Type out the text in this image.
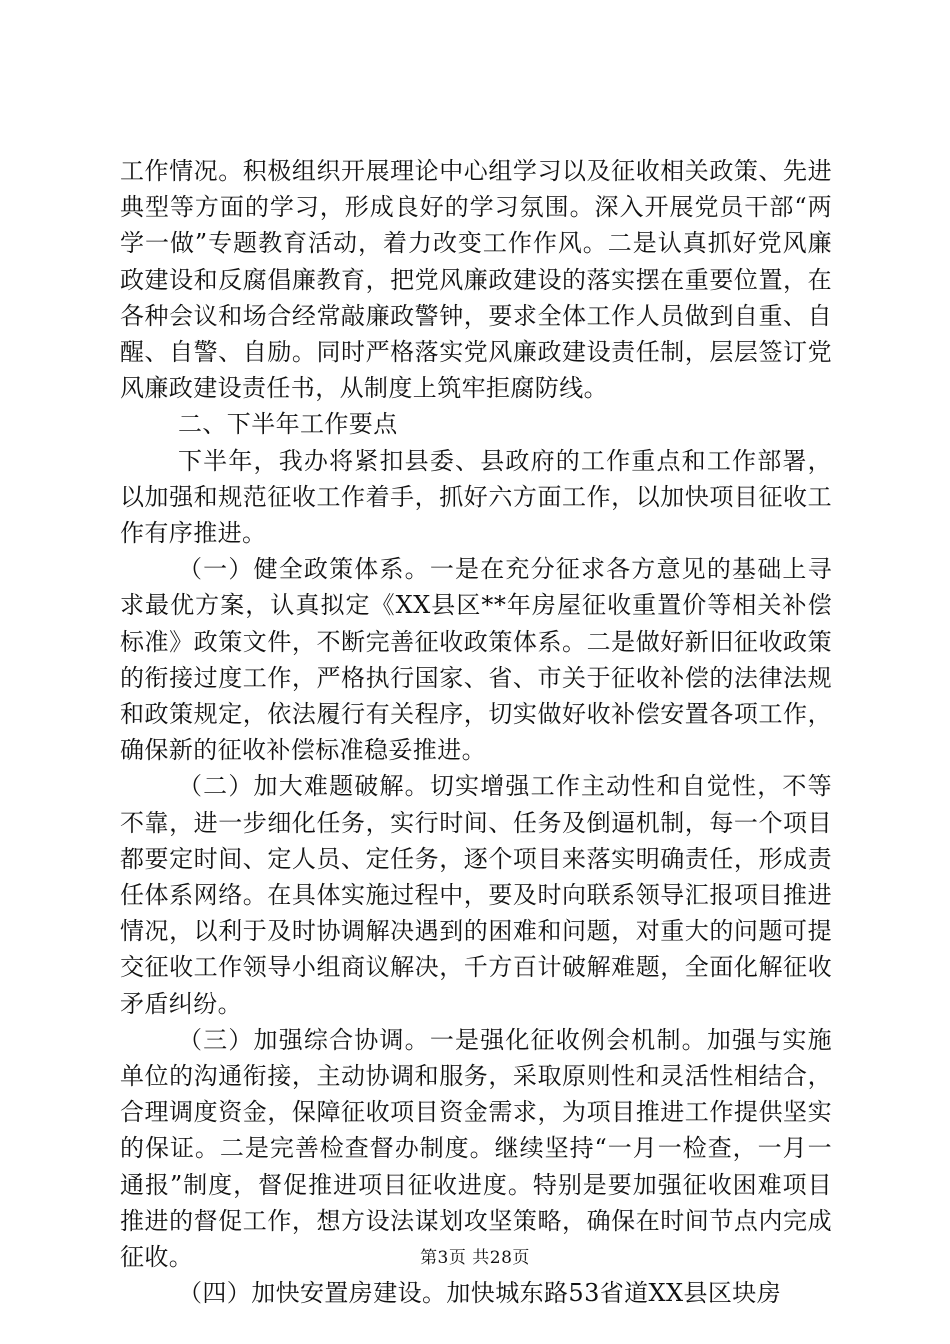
工作情况。积极组织开展理论中心组学习以及征收相关政策、先进典型等方面的学习，形成良好的学习氛围。深入开展党员干部“两学一做”专题教育活动，着力改变工作作风。二是认真抓好党风廉政建设和反腐倡廉教育，把党风廉政建设的落实摆在重要位置，在各种会议和场合经常敲廉政警钟，要求全体工作人员做到自重、自醒、自警、自励。同时严格落实党风廉政建设责任制，层层签订党风廉政建设责任书，从制度上筑牢拒腐防线。

二、下半年工作要点

下半年，我办将紧扣县委、县政府的工作重点和工作部署，以加强和规范征收工作着手，抓好六方面工作，以加快项目征收工作有序推进。

（一）健全政策体系。一是在充分征求各方意见的基础上寻求最优方案，认真拟定《XX县区**年房屋征收重置价等相关补偿标准》政策文件，不断完善征收政策体系。二是做好新旧征收政策的衔接过度工作，严格执行国家、省、市关于征收补偿的法律法规和政策规定，依法履行有关程序，切实做好收补偿安置各项工作，确保新的征收补偿标准稳妥推进。

（二）加大难题破解。切实增强工作主动性和自觉性，不等不靠，进一步细化任务，实行时间、任务及倒逼机制，每一个项目都要定时间、定人员、定任务，逐个项目来落实明确责任，形成责任体系网络。在具体实施过程中，要及时向联系领导汇报项目推进情况，以利于及时协调解决遇到的困难和问题，对重大的问题可提交征收工作领导小组商议解决，千方百计破解难题，全面化解征收矛盾纠纷。

（三）加强综合协调。一是强化征收例会机制。加强与实施单位的沟通衔接，主动协调和服务，采取原则性和灵活性相结合，合理调度资金，保障征收项目资金需求，为项目推进工作提供坚实的保证。二是完善检查督办制度。继续坚持“一月一检查，一月一通报”制度，督促推进项目征收进度。特别是要加强征收困难项目推进的督促工作，想方设法谋划攻坚策略，确保在时间节点内完成征收。

（四）加快安置房建设。加快城东路53省道XX县区块房

第3页 共28页
